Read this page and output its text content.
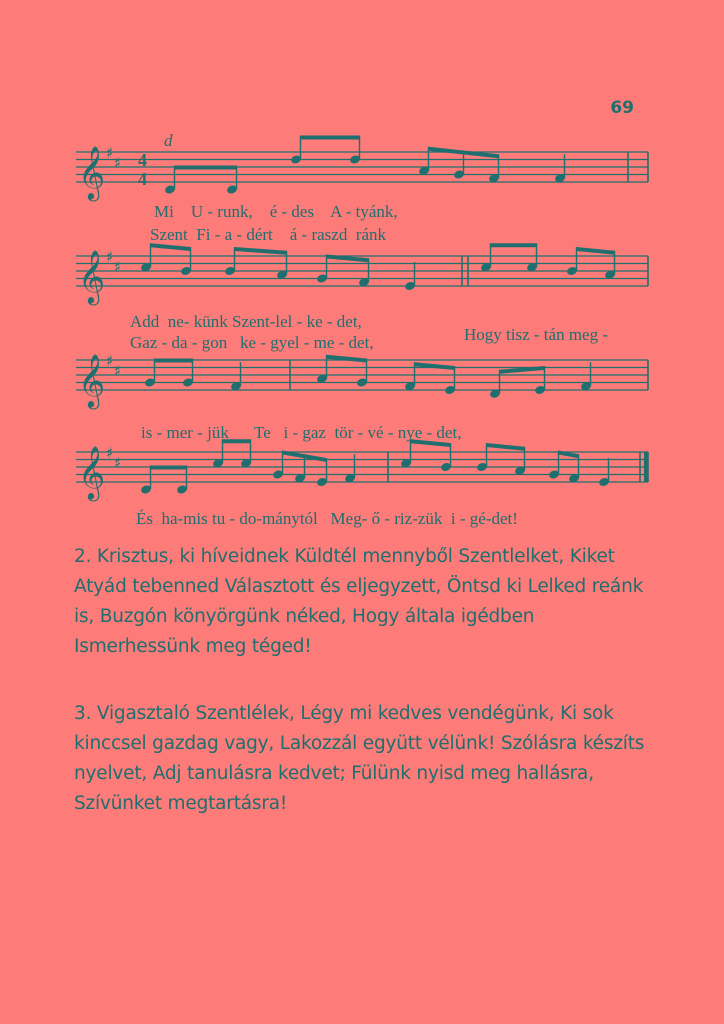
69
𝄞 ♯
♯
𝄞 ♯
♯
𝄞 ♯
♯
𝄞 ♯
♯
d
4
4
Mi    U - runk,    é - des    A - tyánk,
Szent  Fi - a - dért    á - raszd  ránk
Add  ne- künk Szent-lel - ke - det,
Gaz - da - gon   ke - gyel - me - det,	Hogy tisz - tán meg -
is - mer - jük      Te   i - gaz  tör - vé - nye - det,
És  ha-mis tu - do-mánytól   Meg- ő - riz-zük  i - gé-det!

2. Krisztus, ki híveidnek Küldtél mennyből Szentlelket, Kiket Atyád tebenned Választott és eljegyzett, Öntsd ki Lelked reánk is, Buzgón könyörgünk néked, Hogy általa igédben Ismerhessünk meg téged!

3. Vigasztaló Szentlélek, Légy mi kedves vendégünk, Ki sok kinccsel gazdag vagy, Lakozzál együtt vélünk! Szólásra készíts nyelvet, Adj tanulásra kedvet; Fülünk nyisd meg hallásra, Szívünket megtartásra!
